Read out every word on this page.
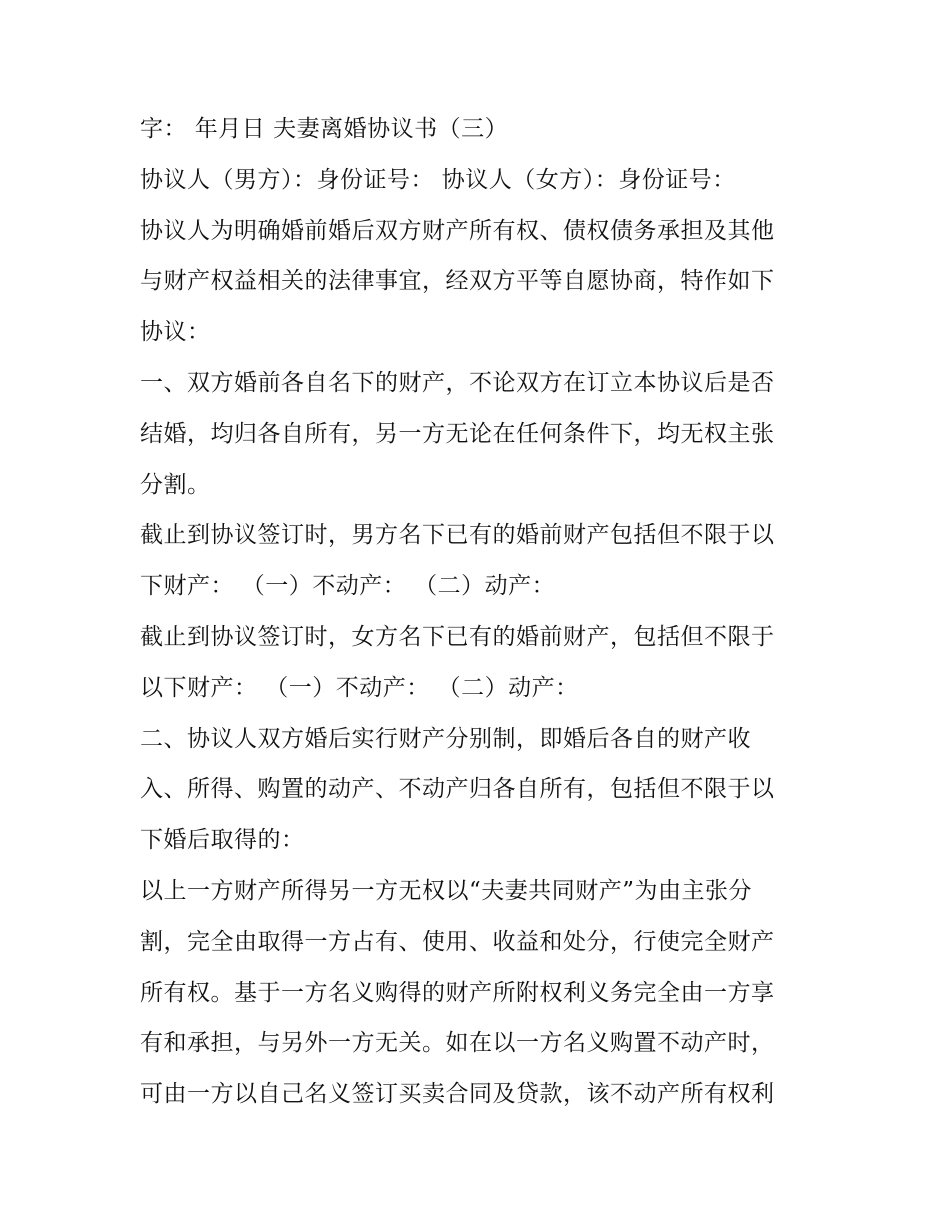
字： 年月日 夫妻离婚协议书（三）
协议人（男方）：身份证号： 协议人（女方）：身份证号：
协议人为明确婚前婚后双方财产所有权、债权债务承担及其他
与财产权益相关的法律事宜，经双方平等自愿协商，特作如下
协议：
一、双方婚前各自名下的财产，不论双方在订立本协议后是否
结婚，均归各自所有，另一方无论在任何条件下，均无权主张
分割。
截止到协议签订时，男方名下已有的婚前财产包括但不限于以
下财产： （一）不动产： （二）动产：
截止到协议签订时，女方名下已有的婚前财产，包括但不限于
以下财产： （一）不动产： （二）动产：
二、协议人双方婚后实行财产分别制，即婚后各自的财产收
入、所得、购置的动产、不动产归各自所有，包括但不限于以
下婚后取得的：
以上一方财产所得另一方无权以“夫妻共同财产”为由主张分
割，完全由取得一方占有、使用、收益和处分，行使完全财产
所有权。基于一方名义购得的财产所附权利义务完全由一方享
有和承担，与另外一方无关。如在以一方名义购置不动产时，
可由一方以自己名义签订买卖合同及贷款，该不动产所有权利
